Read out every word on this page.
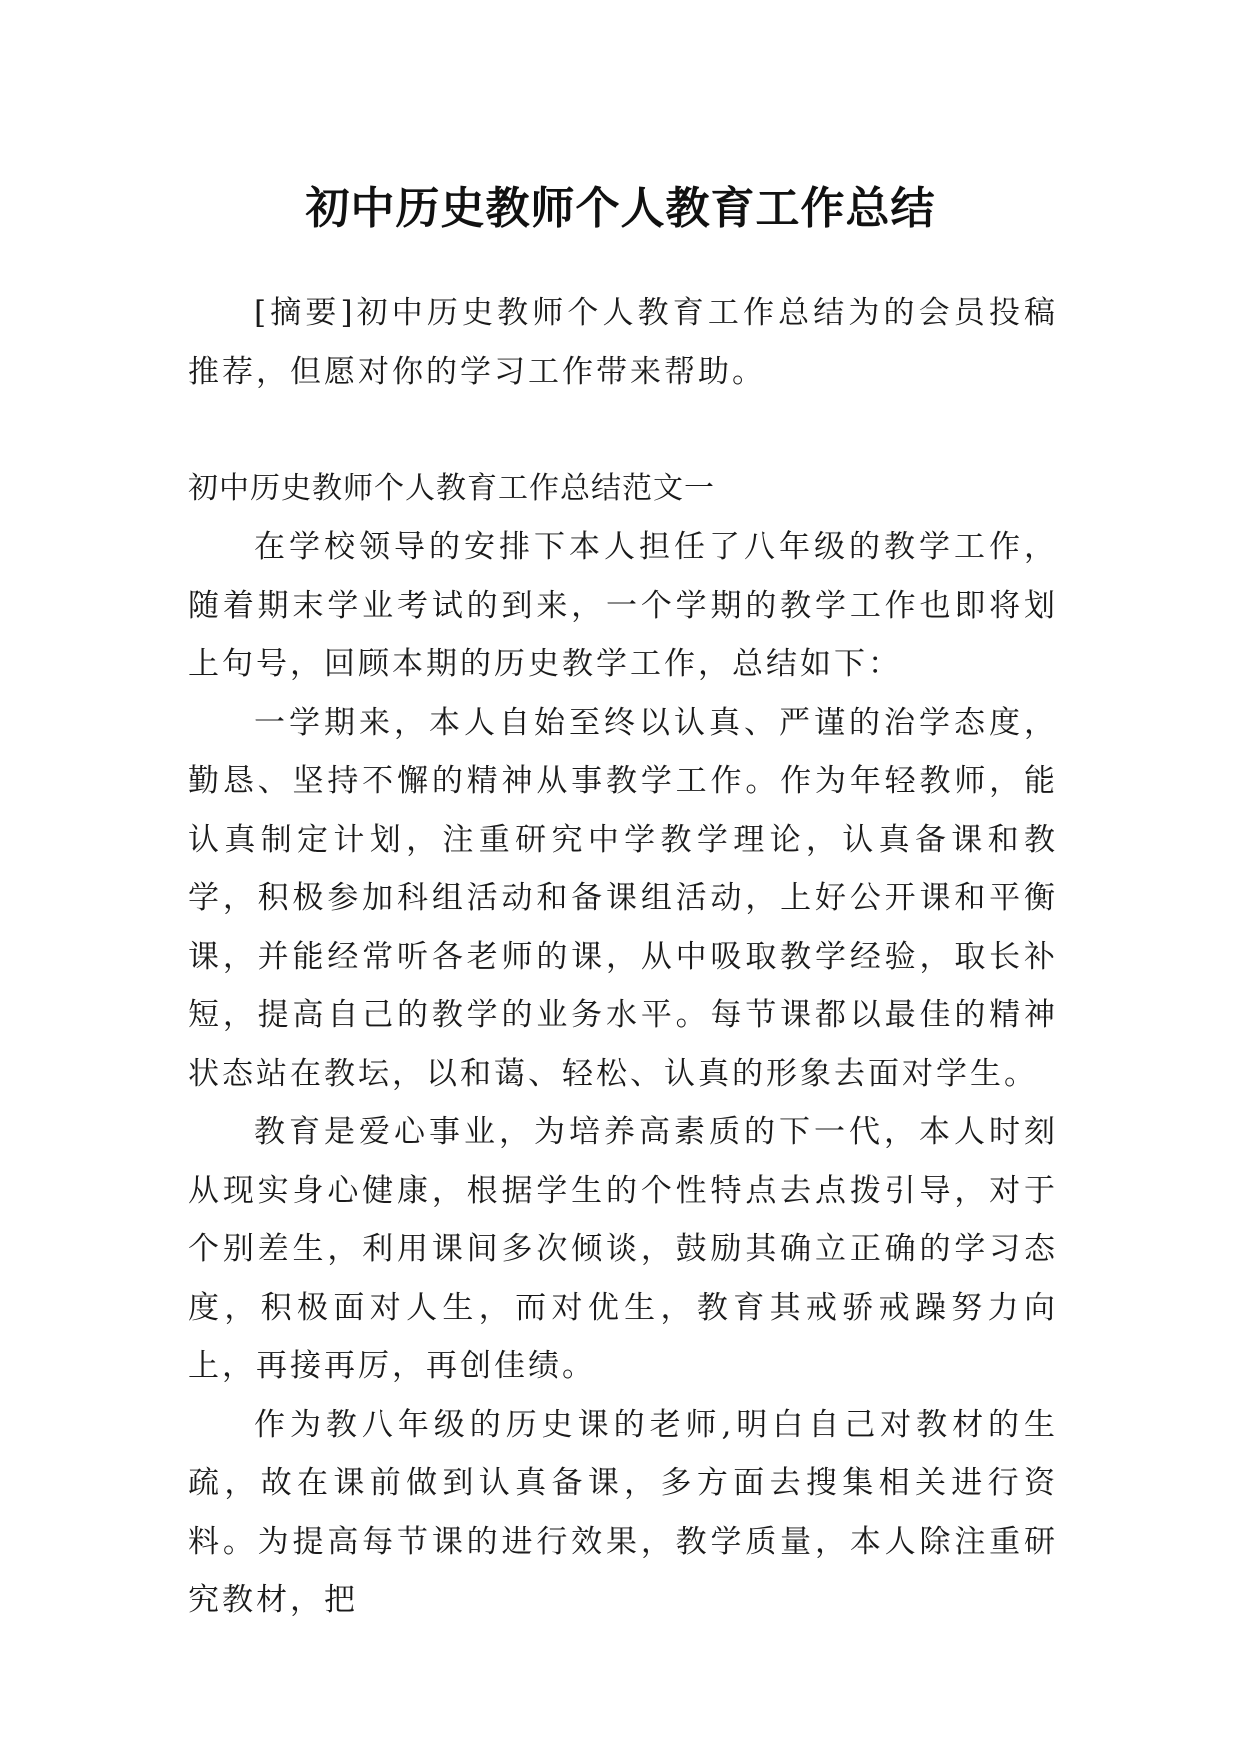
初中历史教师个人教育工作总结

[摘要]初中历史教师个人教育工作总结为的会员投稿推荐，但愿对你的学习工作带来帮助。

初中历史教师个人教育工作总结范文一

在学校领导的安排下本人担任了八年级的教学工作，随着期末学业考试的到来，一个学期的教学工作也即将划上句号，回顾本期的历史教学工作，总结如下：

一学期来，本人自始至终以认真、严谨的治学态度，勤恳、坚持不懈的精神从事教学工作。作为年轻教师，能认真制定计划，注重研究中学教学理论，认真备课和教学，积极参加科组活动和备课组活动，上好公开课和平衡课，并能经常听各老师的课，从中吸取教学经验，取长补短，提高自己的教学的业务水平。每节课都以最佳的精神状态站在教坛，以和蔼、轻松、认真的形象去面对学生。

教育是爱心事业，为培养高素质的下一代，本人时刻从现实身心健康，根据学生的个性特点去点拨引导，对于个别差生，利用课间多次倾谈，鼓励其确立正确的学习态度，积极面对人生，而对优生，教育其戒骄戒躁努力向上，再接再厉，再创佳绩。

作为教八年级的历史课的老师,明白自己对教材的生疏，故在课前做到认真备课，多方面去搜集相关进行资料。为提高每节课的进行效果，教学质量，本人除注重研究教材，把
